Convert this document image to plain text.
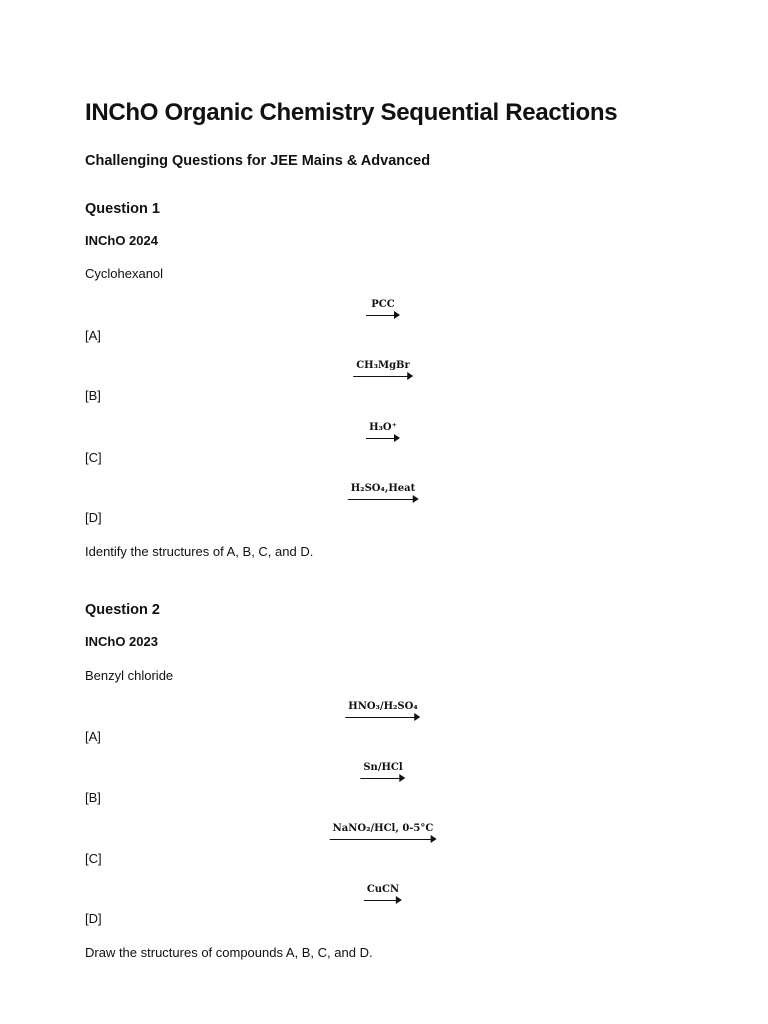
INChO Organic Chemistry Sequential Reactions
Challenging Questions for JEE Mains & Advanced
Question 1
INChO 2024
Cyclohexanol
PCC
[A]
CH₃MgBr
[B]
H₃O⁺
[C]
H₂SO₄,Heat
[D]
Identify the structures of A, B, C, and D.
Question 2
INChO 2023
Benzyl chloride
HNO₃/H₂SO₄
[A]
Sn/HCl
[B]
NaNO₂/HCl, 0-5°C
[C]
CuCN
[D]
Draw the structures of compounds A, B, C, and D.
